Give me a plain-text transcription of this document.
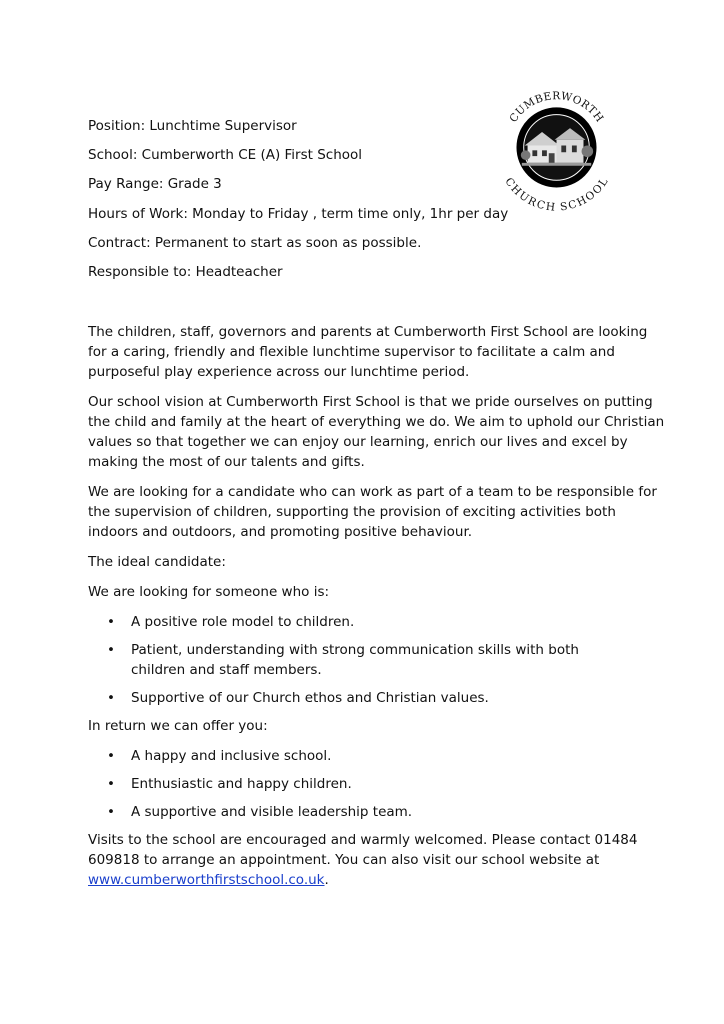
CUMBERWORTH
CHURCH SCHOOL

Position: Lunchtime Supervisor

School: Cumberworth CE (A) First School

Pay Range: Grade 3

Hours of Work: Monday to Friday , term time only, 1hr per day

Contract: Permanent to start as soon as possible.

Responsible to: Headteacher

The children, staff, governors and parents at Cumberworth First School are looking for a caring, friendly and flexible lunchtime supervisor to facilitate a calm and purposeful play experience across our lunchtime period.

Our school vision at Cumberworth First School is that we pride ourselves on putting the child and family at the heart of everything we do. We aim to uphold our Christian values so that together we can enjoy our learning, enrich our lives and excel by making the most of our talents and gifts.

We are looking for a candidate who can work as part of a team to be responsible for the supervision of children, supporting the provision of exciting activities both indoors and outdoors, and promoting positive behaviour.

The ideal candidate:

We are looking for someone who is:

• A positive role model to children.
• Patient, understanding with strong communication skills with both children and staff members.
• Supportive of our Church ethos and Christian values.

In return we can offer you:

• A happy and inclusive school.
• Enthusiastic and happy children.
• A supportive and visible leadership team.

Visits to the school are encouraged and warmly welcomed. Please contact 01484 609818 to arrange an appointment. You can also visit our school website at www.cumberworthfirstschool.co.uk.
